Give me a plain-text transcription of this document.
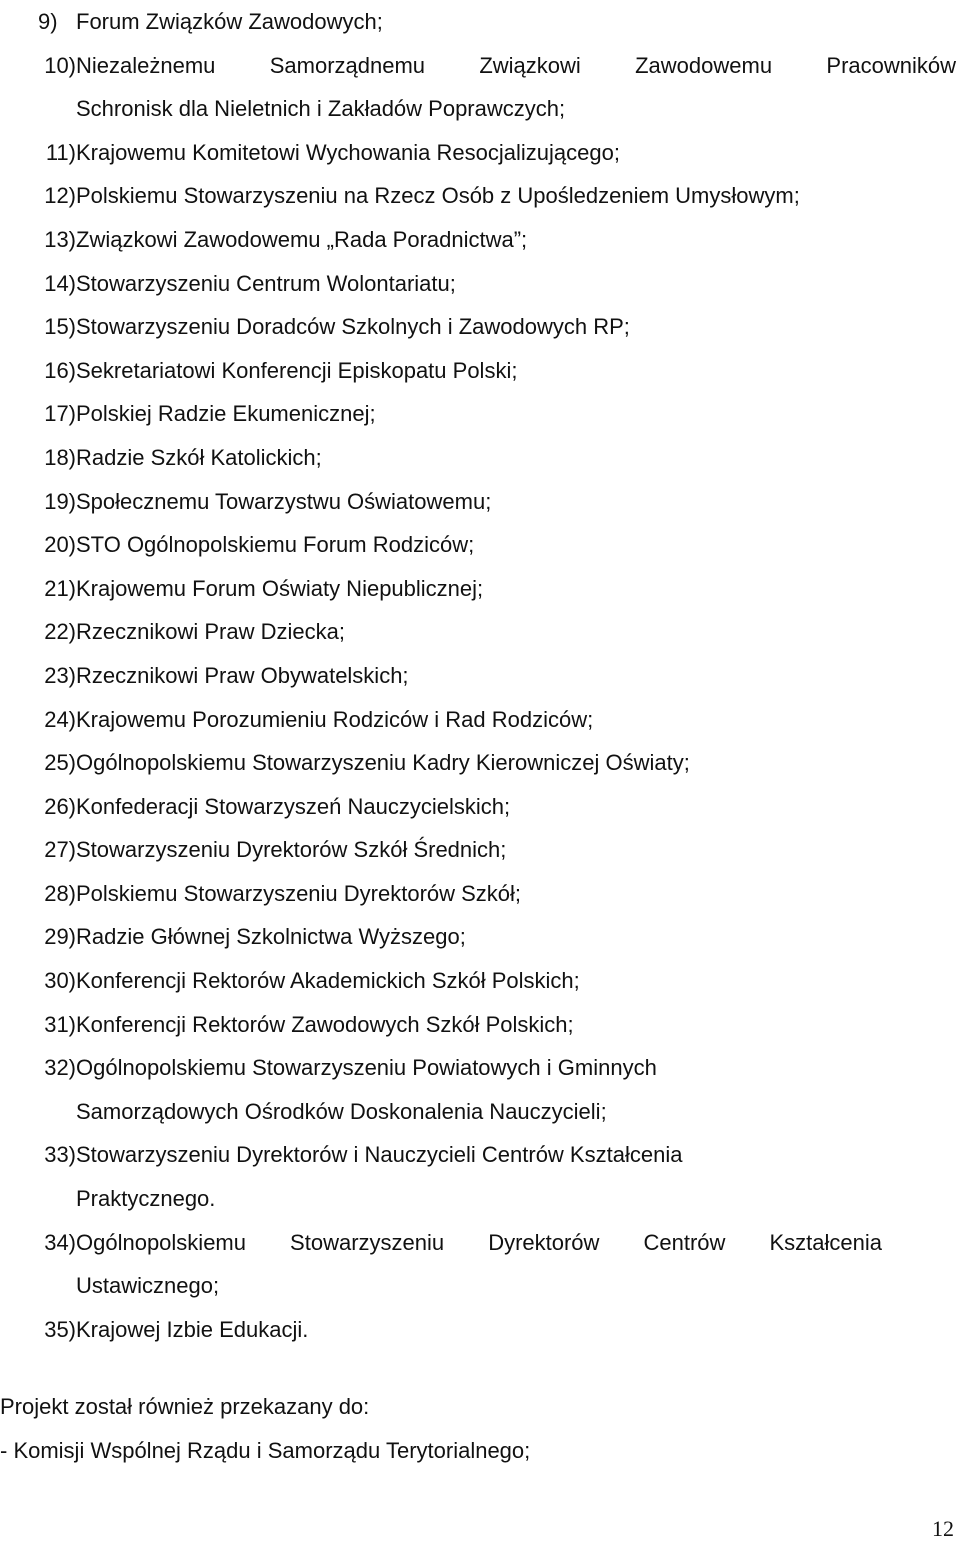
9) Forum Związków Zawodowych;
10) Niezależnemu Samorządnemu Związkowi Zawodowemu Pracowników
Schronisk dla Nieletnich i Zakładów Poprawczych;
11) Krajowemu Komitetowi Wychowania Resocjalizującego;
12) Polskiemu Stowarzyszeniu na Rzecz Osób z Upośledzeniem Umysłowym;
13) Związkowi Zawodowemu „Rada Poradnictwa”;
14) Stowarzyszeniu Centrum Wolontariatu;
15) Stowarzyszeniu Doradców Szkolnych i Zawodowych RP;
16) Sekretariatowi Konferencji Episkopatu Polski;
17) Polskiej Radzie Ekumenicznej;
18) Radzie Szkół Katolickich;
19) Społecznemu Towarzystwu Oświatowemu;
20) STO Ogólnopolskiemu Forum Rodziców;
21) Krajowemu Forum Oświaty Niepublicznej;
22) Rzecznikowi Praw Dziecka;
23) Rzecznikowi Praw Obywatelskich;
24) Krajowemu Porozumieniu Rodziców i Rad Rodziców;
25) Ogólnopolskiemu Stowarzyszeniu Kadry Kierowniczej Oświaty;
26) Konfederacji Stowarzyszeń Nauczycielskich;
27) Stowarzyszeniu Dyrektorów Szkół Średnich;
28) Polskiemu Stowarzyszeniu Dyrektorów Szkół;
29) Radzie Głównej Szkolnictwa Wyższego;
30) Konferencji Rektorów Akademickich Szkół Polskich;
31) Konferencji Rektorów Zawodowych Szkół Polskich;
32) Ogólnopolskiemu Stowarzyszeniu Powiatowych i Gminnych
Samorządowych Ośrodków Doskonalenia Nauczycieli;
33) Stowarzyszeniu Dyrektorów i Nauczycieli Centrów Kształcenia
Praktycznego.
34) Ogólnopolskiemu Stowarzyszeniu Dyrektorów Centrów Kształcenia
Ustawicznego;
35) Krajowej Izbie Edukacji.
Projekt został również przekazany do:
- Komisji Wspólnej Rządu i Samorządu Terytorialnego;
12
